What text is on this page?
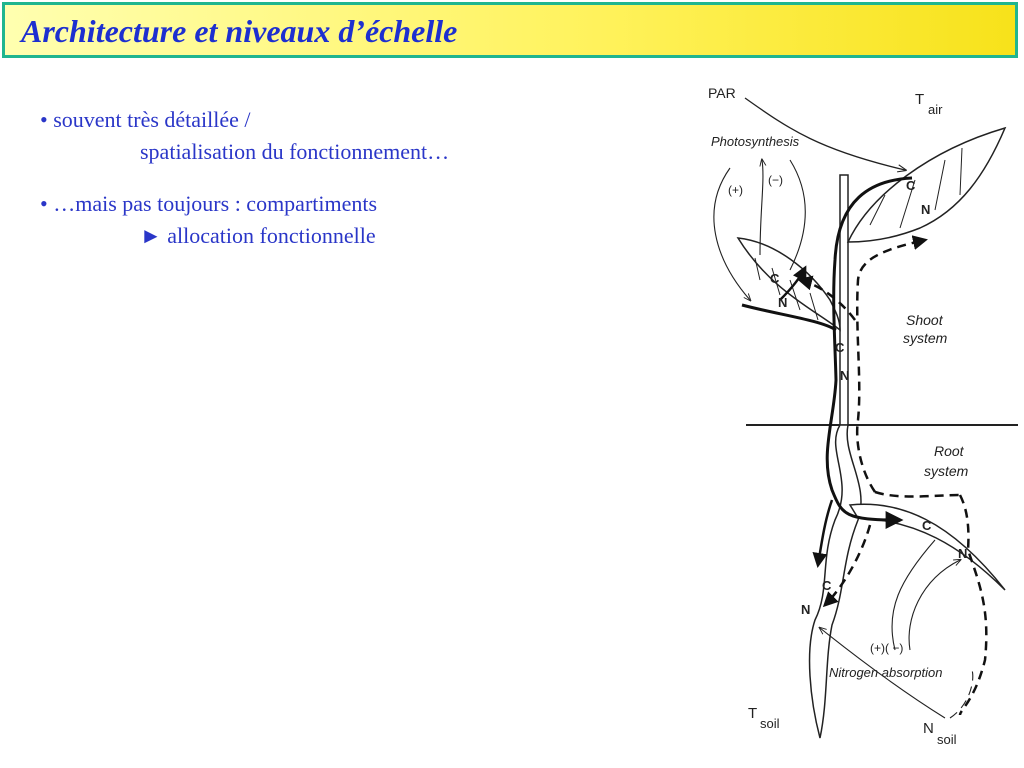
Architecture et niveaux d’échelle
• souvent très détaillée /
spatialisation du fonctionnement…
• …mais pas toujours : compartiments
► allocation fonctionnelle
PAR	T
air
Photosynthesis
(+)
(−)	C
N
C
N
C
N
Shoot
system
Root
system
C
N
C
N
(+)( −)
Nitrogen absorption
T
soil	N
soil
